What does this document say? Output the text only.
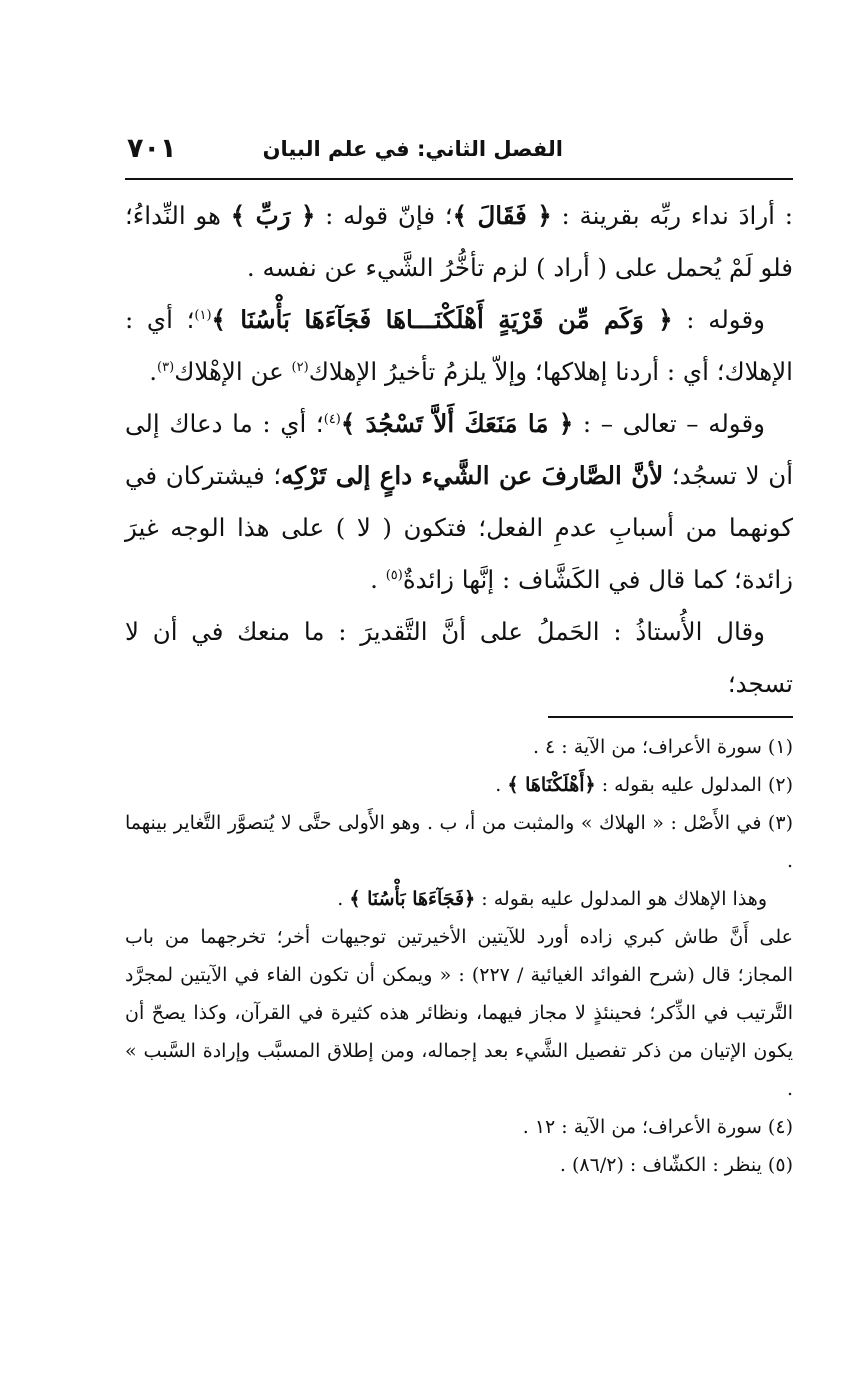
الفصل الثاني: في علم البيان
٧٠١

: أرادَ نداء ربِّه بقرينة : ﴿ فَقَالَ ﴾؛ فإنّ قوله : ﴿ رَبِّ ﴾ هو النِّداءُ؛ فلو لَمْ يُحمل على ( أراد ) لزم تأخُّرُ الشَّيء عن نفسه .

وقوله : ﴿ وَكَم مِّن قَرْيَةٍ أَهْلَكْنَـــاهَا فَجَآءَهَا بَأْسُنَا ﴾$^{(١)}$؛ أي : الإهلاك؛ أي : أردنا إهلاكها؛ وإلاّ يلزمُ تأخيرُ الإهلاك$^{(٢)}$ عن الإهْلاك$^{(٣)}$.

وقوله – تعالى – : ﴿ مَا مَنَعَكَ أَلاَّ تَسْجُدَ ﴾$^{(٤)}$؛ أي : ما دعاك إلى أن لا تسجُد؛ لأنَّ الصَّارفَ عن الشَّيء داعٍ إلى تَرْكِه؛ فيشتركان في كونهما من أسبابِ عدمِ الفعل؛ فتكون ( لا ) على هذا الوجه غيرَ زائدة؛ كما قال في الكَشَّاف : إنَّها زائدةٌ$^{(٥)}$ .

وقال الأُستاذُ : الحَملُ على أنَّ التَّقديرَ : ما منعك في أن لا تسجد؛

(١) سورة الأعراف؛ من الآية : ٤ .

(٢) المدلول عليه بقوله : ﴿أَهْلَكْنَاهَا ﴾ .

(٣) في الأَصْل : « الهلاك » والمثبت من أ، ب . وهو الأَولى حتَّى لا يُتصوَّر التَّغاير بينهما .

وهذا الإهلاك هو المدلول عليه بقوله : ﴿فَجَآءَهَا بَأْسُنَا ﴾ .

على أَنَّ طاش كبري زاده أورد للآيتين الأخيرتين توجيهات أخر؛ تخرجهما من باب المجاز؛ قال (شرح الفوائد الغيائية / ٢٢٧) : « ويمكن أن تكون الفاء في الآيتين لمجرَّد التَّرتيب في الذِّكر؛ فحينئذٍ لا مجاز فيهما، ونظائر هذه كثيرة في القرآن، وكذا يصحّ أن يكون الإتيان من ذكر تفصيل الشَّيء بعد إجماله، ومن إطلاق المسبَّب وإرادة السَّبب » .

(٤) سورة الأعراف؛ من الآية : ١٢ .

(٥) ينظر : الكشّاف : (٨٦/٢) .
